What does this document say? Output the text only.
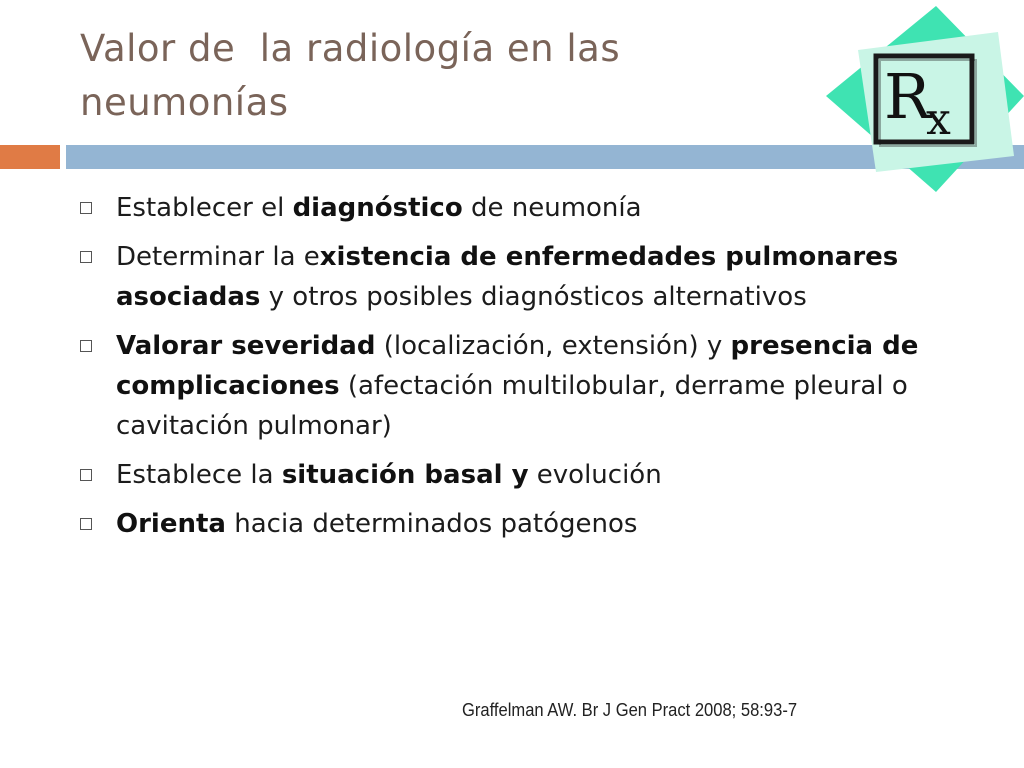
Valor de  la radiología en las
neumonías	R
x
Establecer el diagnóstico de neumonía
Determinar la existencia de enfermedades pulmonares asociadas y otros posibles diagnósticos alternativos
Valorar severidad (localización, extensión) y presencia de complicaciones (afectación multilobular, derrame pleural o cavitación pulmonar)
Establece la situación basal y evolución
Orienta hacia determinados patógenos
Graffelman AW. Br J Gen Pract 2008; 58:93-7
